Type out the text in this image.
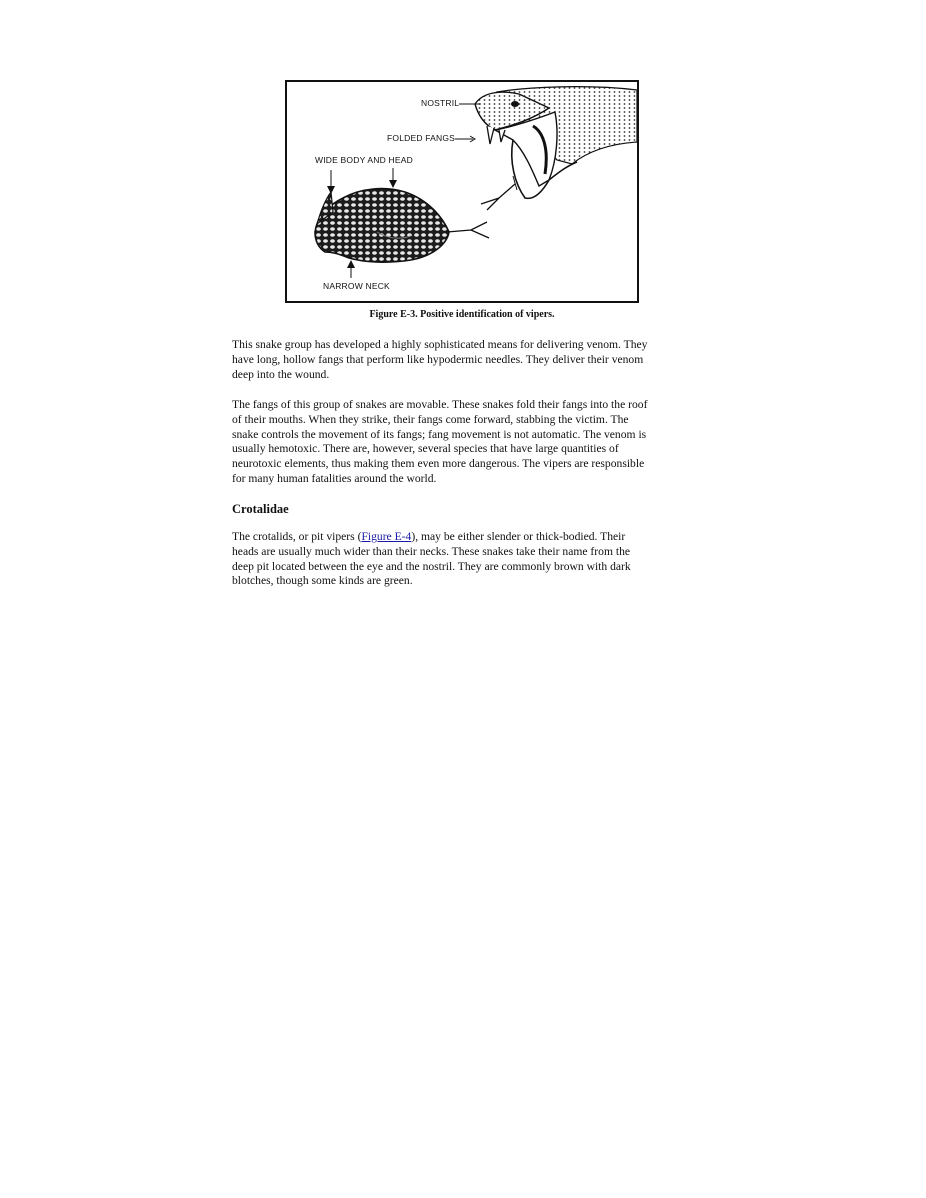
NOSTRIL
FOLDED FANGS
WIDE BODY AND HEAD
NARROW NECK
Figure E-3. Positive identification of vipers.

This snake group has developed a highly sophisticated means for delivering venom. They
have long, hollow fangs that perform like hypodermic needles. They deliver their venom
deep into the wound.

The fangs of this group of snakes are movable. These snakes fold their fangs into the roof
of their mouths. When they strike, their fangs come forward, stabbing the victim. The
snake controls the movement of its fangs; fang movement is not automatic. The venom is
usually hemotoxic. There are, however, several species that have large quantities of
neurotoxic elements, thus making them even more dangerous. The vipers are responsible
for many human fatalities around the world.

Crotalidae

The crotalids, or pit vipers (Figure E-4), may be either slender or thick-bodied. Their
heads are usually much wider than their necks. These snakes take their name from the
deep pit located between the eye and the nostril. They are commonly brown with dark
blotches, though some kinds are green.
